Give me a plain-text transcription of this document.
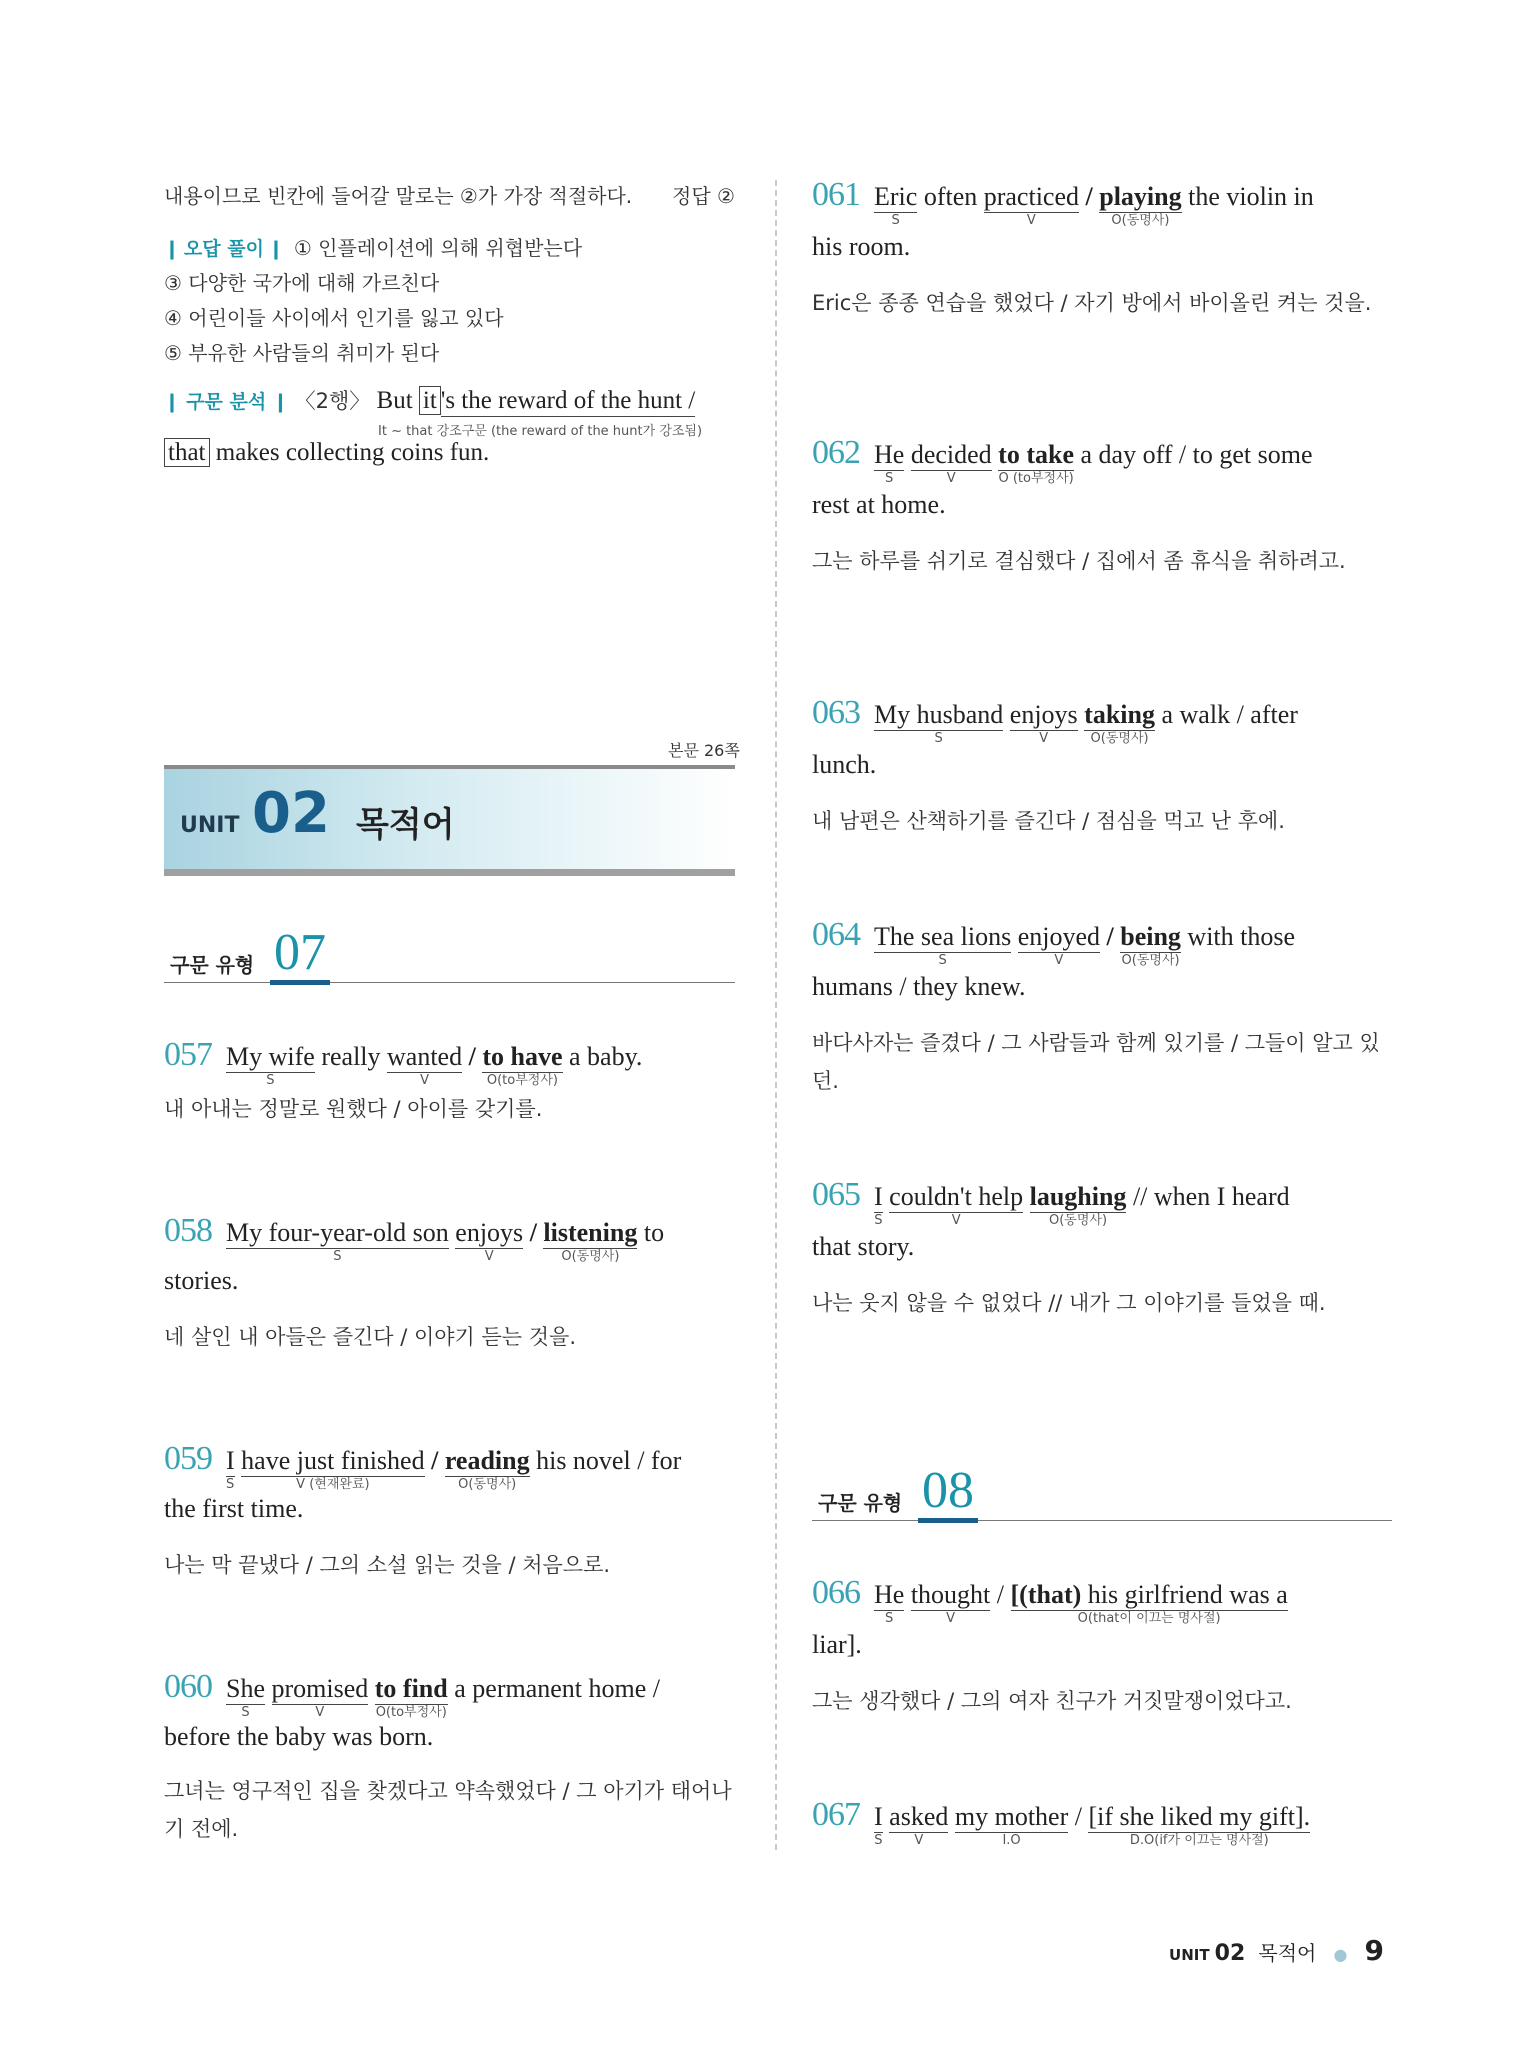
내용이므로 빈칸에 들어갈 말로는 ②가 가장 적절하다. 정답 ②
❙ 오답 풀이 ❙ ① 인플레이션에 의해 위협받는다
③ 다양한 국가에 대해 가르친다
④ 어린이들 사이에서 인기를 잃고 있다
⑤ 부유한 사람들의 취미가 된다
❙ 구문 분석 ❙ 〈2행〉 But it 's the reward of the hunt /
It ~ that 강조구문 (the reward of the hunt가 강조됨)
that makes collecting coins fun.
본문 26쪽
UNIT 02 목적어
구문 유형 07
057 My wife
S
really wanted
V
/ to have
O(to부정사)
a baby.
내 아내는 정말로 원했다 / 아이를 갖기를.
058 My four-year-old son
S
enjoys
V
/ listening
O(동명사)
to
stories.
네 살인 내 아들은 즐긴다 / 이야기 듣는 것을.
059 I
S
have just finished
V (현재완료)
/ reading
O(동명사)
his novel / for
the first time.
나는 막 끝냈다 / 그의 소설 읽는 것을 / 처음으로.
060 She
S
promised
V
to find
O(to부정사)
a permanent home /
before the baby was born.
그녀는 영구적인 집을 찾겠다고 약속했었다 / 그 아기가 태어나기 전에.
061 Eric
S
often practiced
V
/ playing
O(동명사)
the violin in
his room.
Eric은 종종 연습을 했었다 / 자기 방에서 바이올린 켜는 것을.
062 He
S
decided
V
to take
O (to부정사)
a day off / to get some
rest at home.
그는 하루를 쉬기로 결심했다 / 집에서 좀 휴식을 취하려고.
063 My husband
S
enjoys
V
taking
O(동명사)
a walk / after
lunch.
내 남편은 산책하기를 즐긴다 / 점심을 먹고 난 후에.
064 The sea lions
S
enjoyed
V
/ being
O(동명사)
with those
humans / they knew.
바다사자는 즐겼다 / 그 사람들과 함께 있기를 / 그들이 알고 있던.
065 I
S
couldn't help
V
laughing
O(동명사)
// when I heard
that story.
나는 웃지 않을 수 없었다 // 내가 그 이야기를 들었을 때.
구문 유형 08
066 He
S
thought
V
/ [(that) his girlfriend was a
O(that이 이끄는 명사절)
liar].
그는 생각했다 / 그의 여자 친구가 거짓말쟁이었다고.
067 I
S
asked
V
my mother
I.O
/ [if she liked my gift].
D.O(if가 이끄는 명사절)
UNIT 02 목적어 ● 9
